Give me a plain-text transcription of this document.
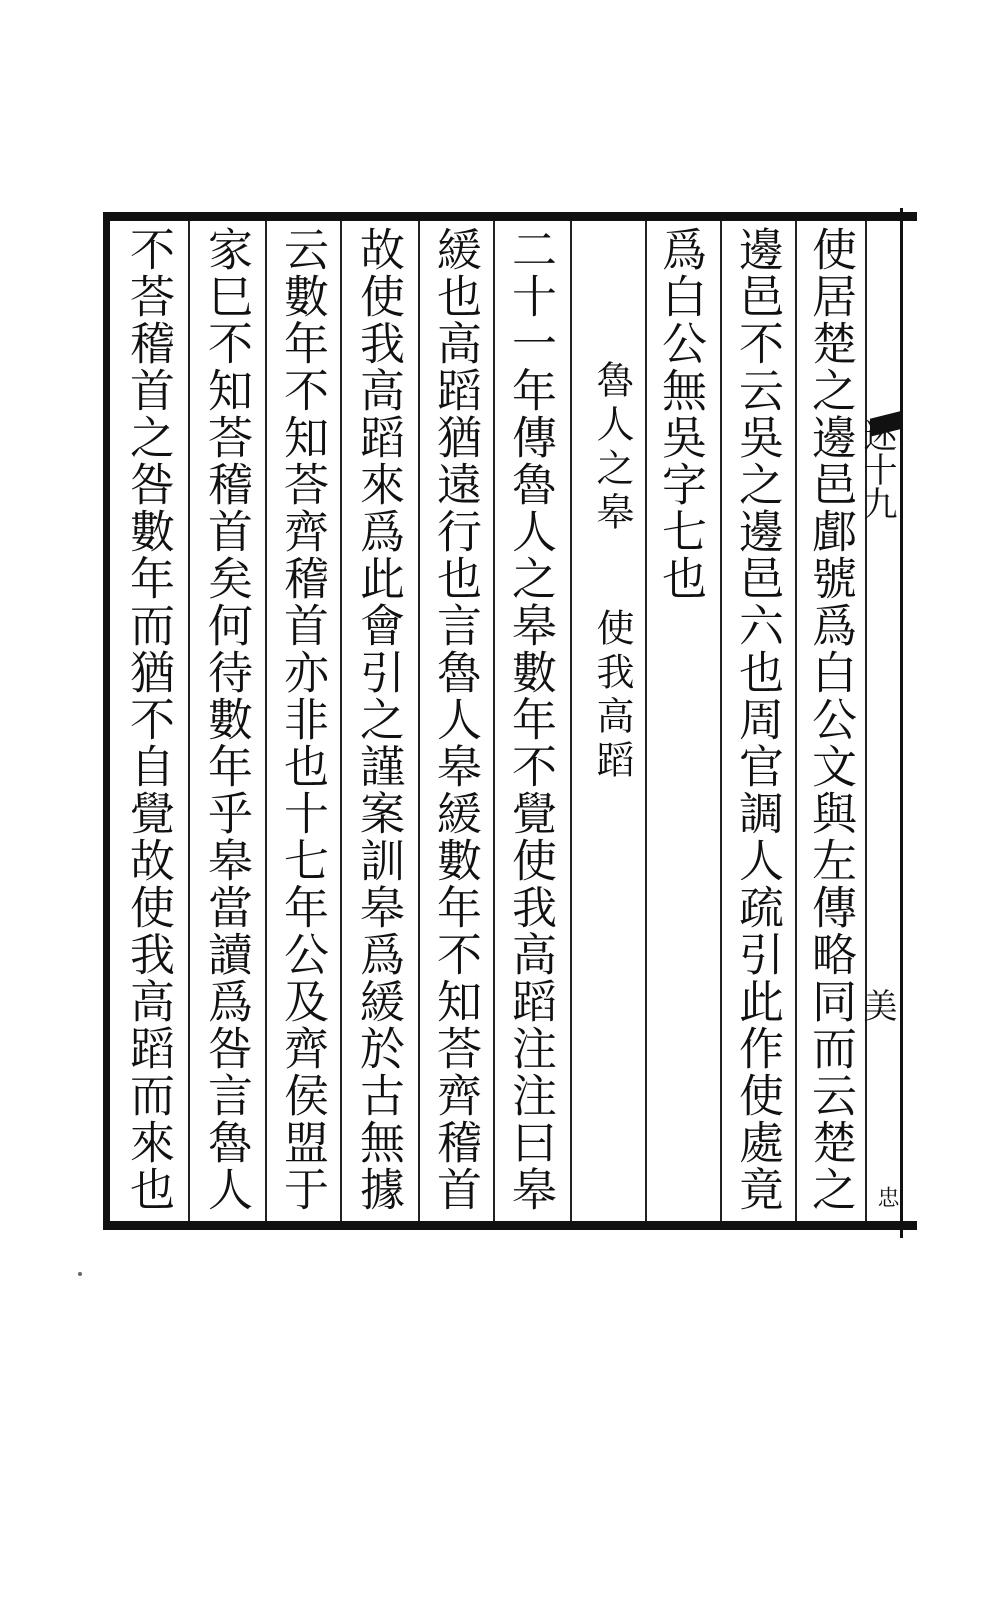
述十九
美
忠
使居楚之邊邑䣜號爲白公文與左傳略同而云楚之
邊邑不云吳之邊邑六也周官調人疏引此作使處竟
爲白公無吳字七也
魯人之皋
使我高蹈
二十一年傳魯人之皋數年不覺使我高蹈注注曰皋
緩也高蹈猶遠行也言魯人皋緩數年不知荅齊稽首
故使我高蹈來爲此會引之謹案訓皋爲緩於古無據
云數年不知荅齊稽首亦非也十七年公及齊侯盟于
家巳不知荅稽首矣何待數年乎皋當讀爲咎言魯人
不荅稽首之咎數年而猶不自覺故使我高蹈而來也
